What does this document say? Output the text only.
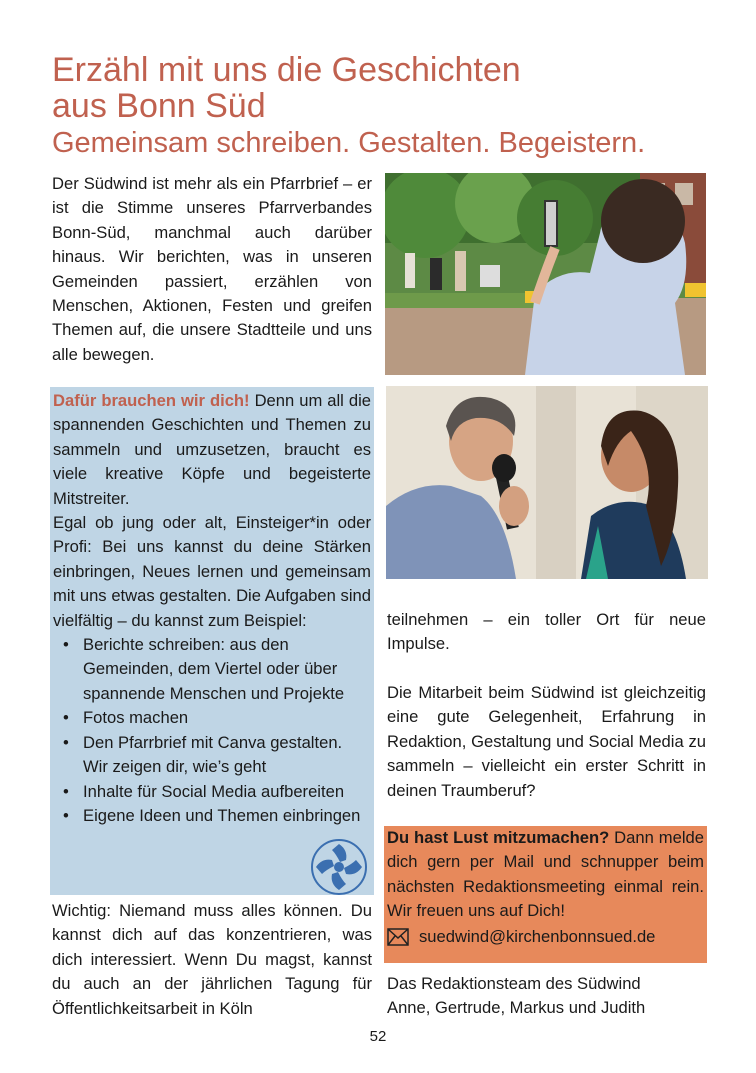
Erzähl mit uns die Geschichten
aus Bonn Süd
Gemeinsam schreiben. Gestalten. Begeistern.

Der Südwind ist mehr als ein Pfarrbrief – er ist die Stimme unseres Pfarrverbandes Bonn-Süd, manchmal auch darüber hinaus. Wir berichten, was in unseren Gemeinden passiert, erzählen von Menschen, Aktionen, Festen und greifen Themen auf, die unsere Stadtteile und uns alle bewegen.

Dafür brauchen wir dich! Denn um all die spannenden Geschichten und Themen zu sammeln und umzusetzen, braucht es viele kreative Köpfe und begeisterte Mitstreiter.
Egal ob jung oder alt, Einsteiger*in oder Profi: Bei uns kannst du deine Stärken einbringen, Neues lernen und gemeinsam mit uns etwas gestalten. Die Aufgaben sind vielfältig – du kannst zum Beispiel:
• Berichte schreiben: aus den Gemeinden, dem Viertel oder über spannende Menschen und Projekte
• Fotos machen
• Den Pfarrbrief mit Canva gestalten. Wir zeigen dir, wie’s geht
• Inhalte für Social Media aufbereiten
• Eigene Ideen und Themen einbringen

Wichtig: Niemand muss alles können. Du kannst dich auf das konzentrieren, was dich interessiert. Wenn Du magst, kannst du auch an der jährlichen Tagung für Öffentlichkeitsarbeit in Köln

teilnehmen – ein toller Ort für neue Impulse.

Die Mitarbeit beim Südwind ist gleichzeitig eine gute Gelegenheit, Erfahrung in Redaktion, Gestaltung und Social Media zu sammeln – vielleicht ein erster Schritt in deinen Traumberuf?

Du hast Lust mitzumachen? Dann melde dich gern per Mail und schnupper beim nächsten Redaktionsmeeting einmal rein. Wir freuen uns auf Dich!
suedwind@kirchenbonnsued.de

Das Redaktionsteam des Südwind
Anne, Gertrude, Markus und Judith

52
